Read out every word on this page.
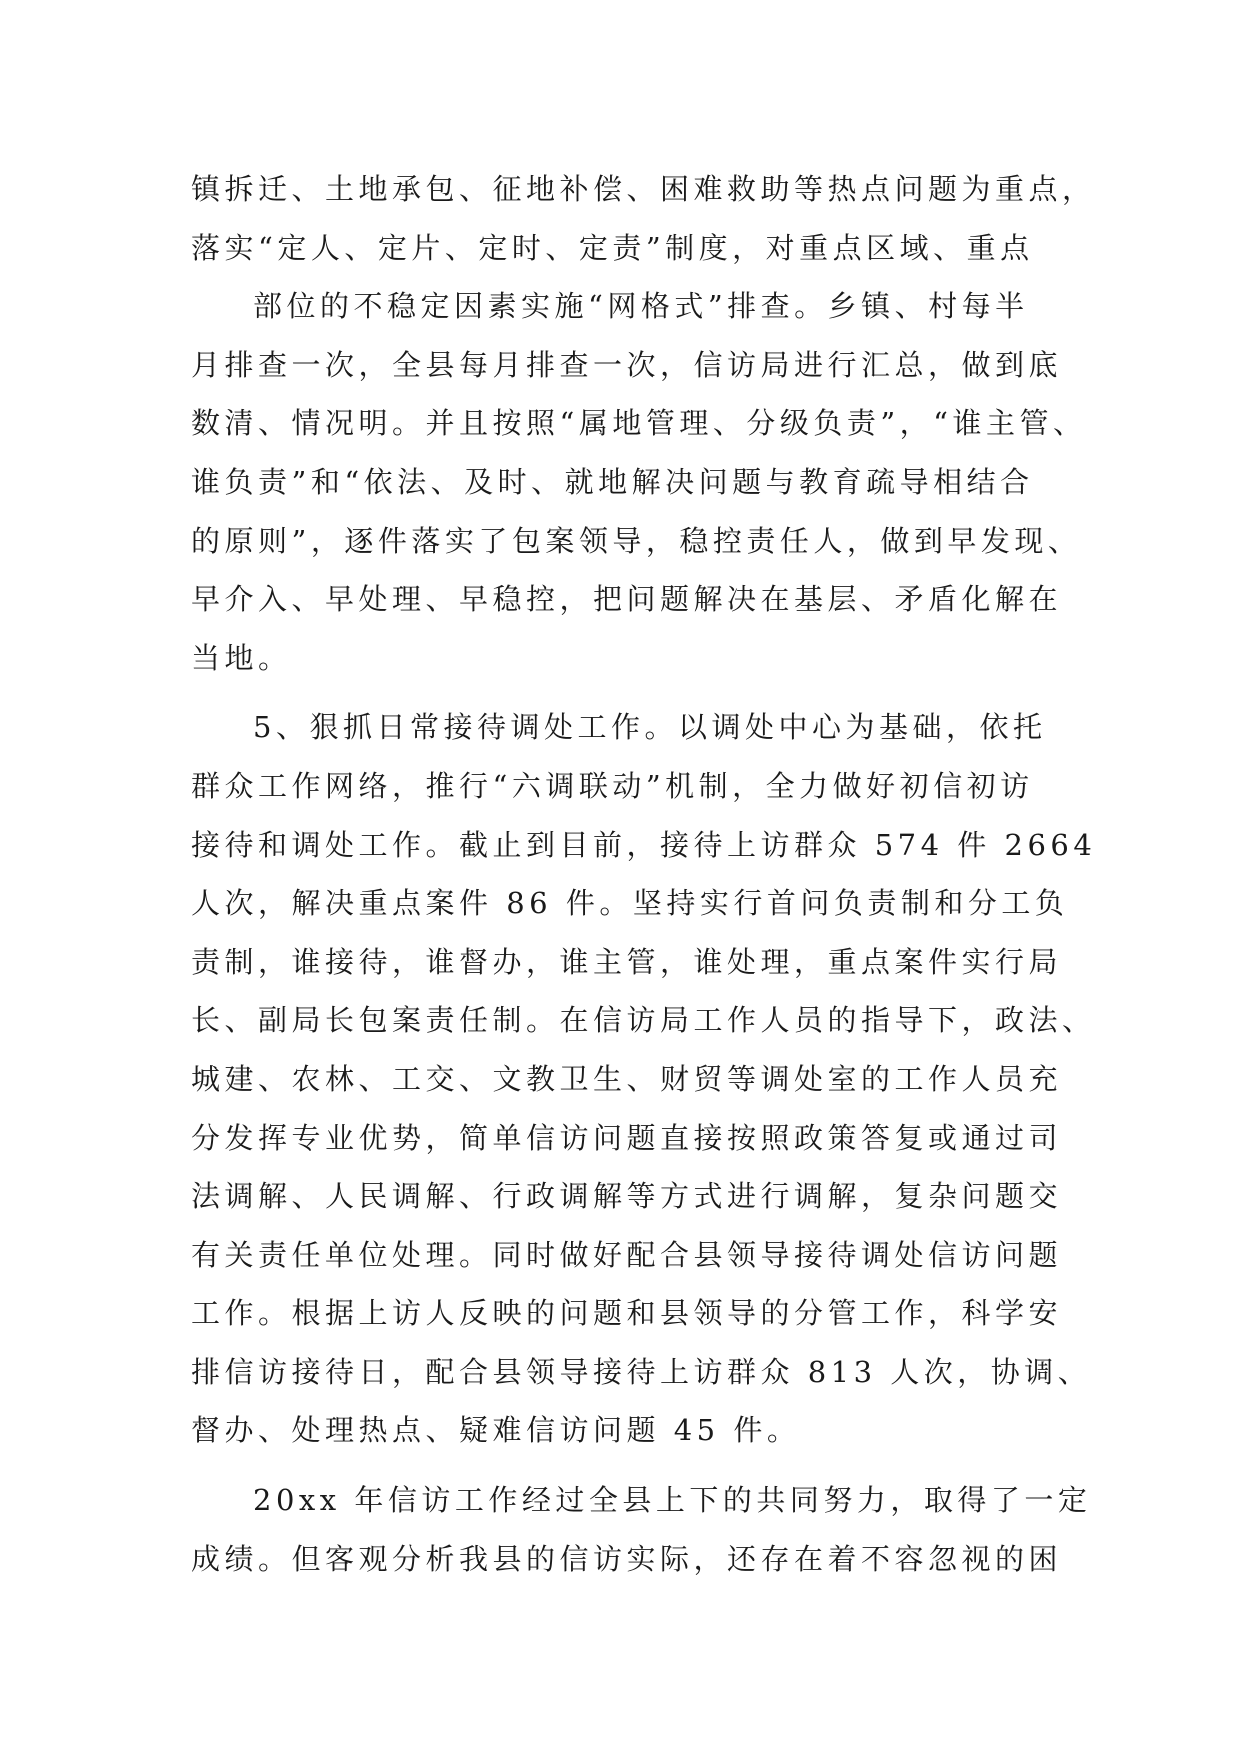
镇拆迁、土地承包、征地补偿、困难救助等热点问题为重点，
落实“定人、定片、定时、定责”制度，对重点区域、重点
部位的不稳定因素实施“网格式”排查。乡镇、村每半
月排查一次，全县每月排查一次，信访局进行汇总，做到底
数清、情况明。并且按照“属地管理、分级负责”，“谁主管、
谁负责”和“依法、及时、就地解决问题与教育疏导相结合
的原则”，逐件落实了包案领导，稳控责任人，做到早发现、
早介入、早处理、早稳控，把问题解决在基层、矛盾化解在
当地。
5、狠抓日常接待调处工作。以调处中心为基础，依托
群众工作网络，推行“六调联动”机制，全力做好初信初访
接待和调处工作。截止到目前，接待上访群众 574 件 2664
人次，解决重点案件 86 件。坚持实行首问负责制和分工负
责制，谁接待，谁督办，谁主管，谁处理，重点案件实行局
长、副局长包案责任制。在信访局工作人员的指导下，政法、
城建、农林、工交、文教卫生、财贸等调处室的工作人员充
分发挥专业优势，简单信访问题直接按照政策答复或通过司
法调解、人民调解、行政调解等方式进行调解，复杂问题交
有关责任单位处理。同时做好配合县领导接待调处信访问题
工作。根据上访人反映的问题和县领导的分管工作，科学安
排信访接待日，配合县领导接待上访群众 813 人次，协调、
督办、处理热点、疑难信访问题 45 件。
20xx 年信访工作经过全县上下的共同努力，取得了一定
成绩。但客观分析我县的信访实际，还存在着不容忽视的困
